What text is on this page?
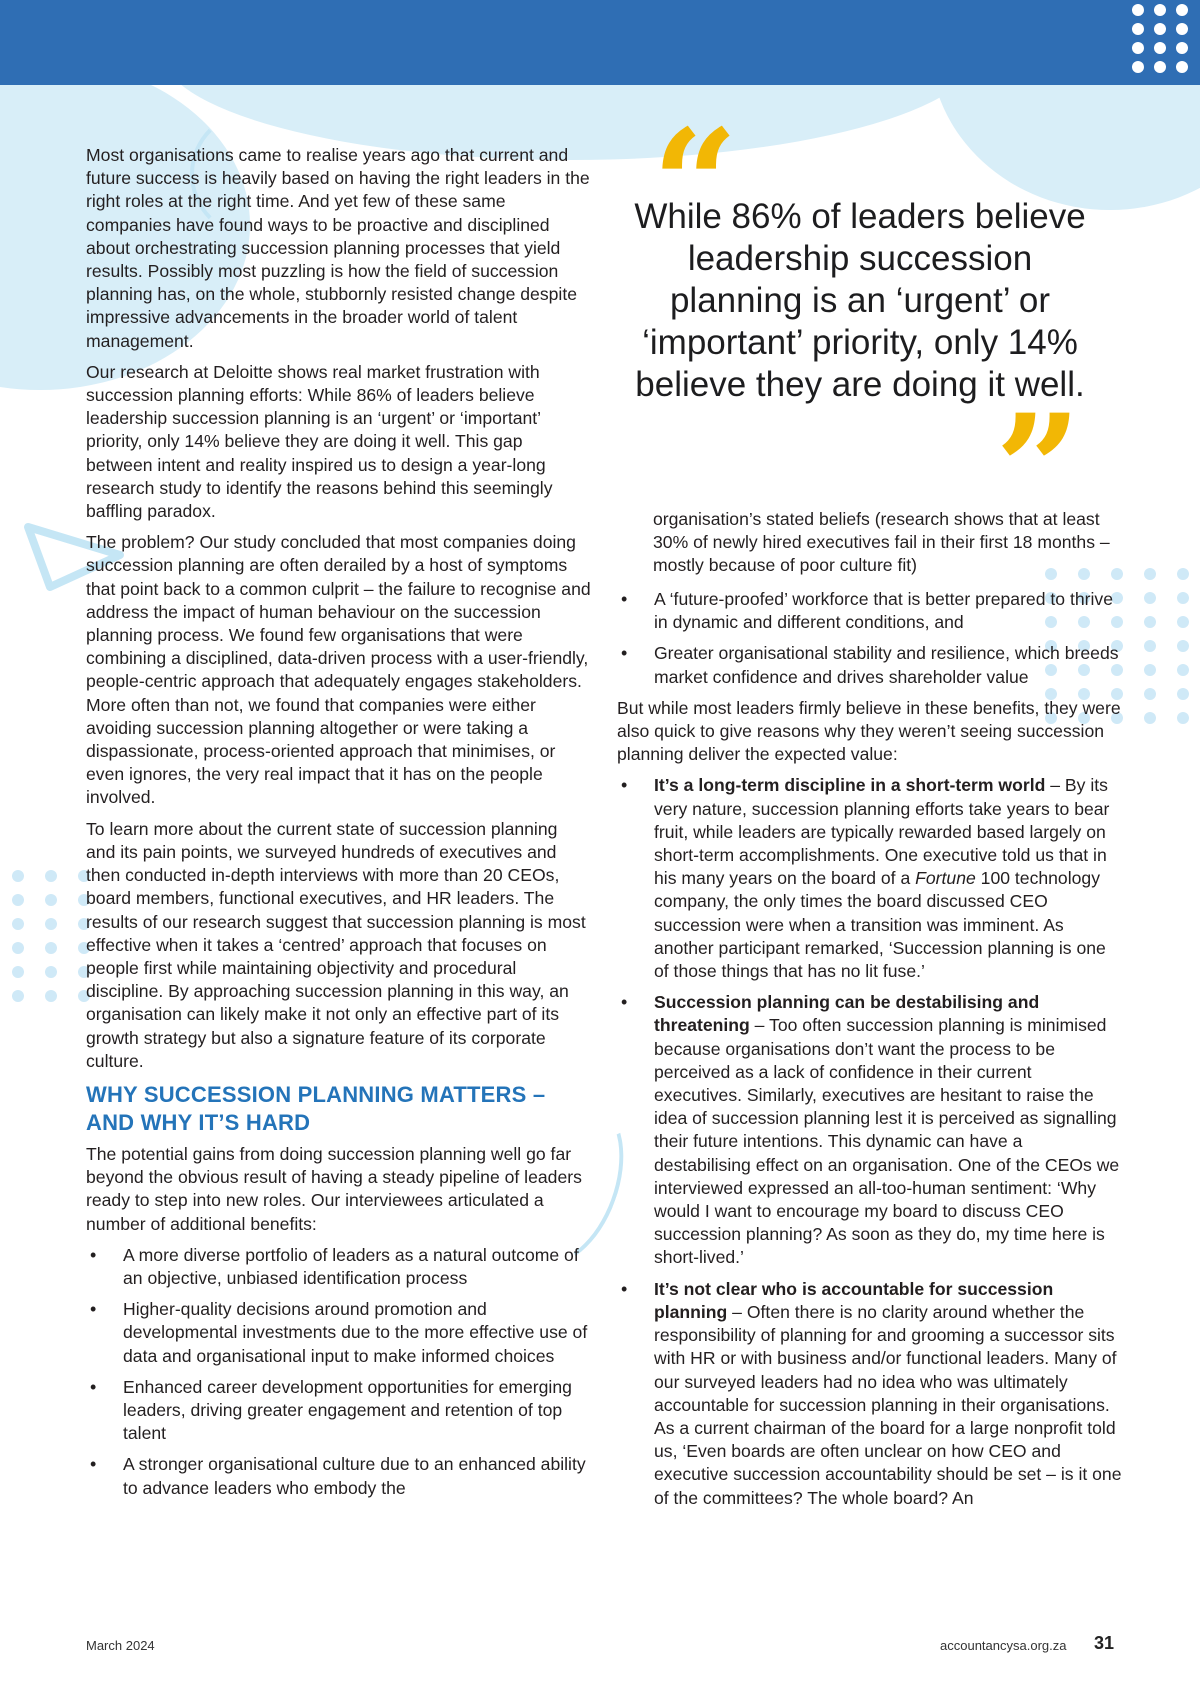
Most organisations came to realise years ago that current and future success is heavily based on having the right leaders in the right roles at the right time. And yet few of these same companies have found ways to be proactive and disciplined about orchestrating succession planning processes that yield results. Possibly most puzzling is how the field of succession planning has, on the whole, stubbornly resisted change despite impressive advancements in the broader world of talent management.

Our research at Deloitte shows real market frustration with succession planning efforts: While 86% of leaders believe leadership succession planning is an ‘urgent’ or ‘important’ priority, only 14% believe they are doing it well. This gap between intent and reality inspired us to design a year-long research study to identify the reasons behind this seemingly baffling paradox.

The problem? Our study concluded that most companies doing succession planning are often derailed by a host of symptoms that point back to a common culprit – the failure to recognise and address the impact of human behaviour on the succession planning process. We found few organisations that were combining a disciplined, data-driven process with a user-friendly, people-centric approach that adequately engages stakeholders. More often than not, we found that companies were either avoiding succession planning altogether or were taking a dispassionate, process-oriented approach that minimises, or even ignores, the very real impact that it has on the people involved.

To learn more about the current state of succession planning and its pain points, we surveyed hundreds of executives and then conducted in-depth interviews with more than 20 CEOs, board members, functional executives, and HR leaders. The results of our research suggest that succession planning is most effective when it takes a ‘centred’ approach that focuses on people first while maintaining objectivity and procedural discipline. By approaching succession planning in this way, an organisation can likely make it not only an effective part of its growth strategy but also a signature feature of its corporate culture.

WHY SUCCESSION PLANNING MATTERS – AND WHY IT’S HARD

The potential gains from doing succession planning well go far beyond the obvious result of having a steady pipeline of leaders ready to step into new roles. Our interviewees articulated a number of additional benefits:

• A more diverse portfolio of leaders as a natural outcome of an objective, unbiased identification process
• Higher-quality decisions around promotion and developmental investments due to the more effective use of data and organisational input to make informed choices
• Enhanced career development opportunities for emerging leaders, driving greater engagement and retention of top talent
• A stronger organisational culture due to an enhanced ability to advance leaders who embody the
“
While 86% of leaders believe leadership succession planning is an ‘urgent’ or ‘important’ priority, only 14% believe they are doing it well.
”

organisation’s stated beliefs (research shows that at least 30% of newly hired executives fail in their first 18 months – mostly because of poor culture fit)

• A ‘future-proofed’ workforce that is better prepared to thrive in dynamic and different conditions, and
• Greater organisational stability and resilience, which breeds market confidence and drives shareholder value

But while most leaders firmly believe in these benefits, they were also quick to give reasons why they weren’t seeing succession planning deliver the expected value:

• It’s a long-term discipline in a short-term world – By its very nature, succession planning efforts take years to bear fruit, while leaders are typically rewarded based largely on short-term accomplishments. One executive told us that in his many years on the board of a Fortune 100 technology company, the only times the board discussed CEO succession were when a transition was imminent. As another participant remarked, ‘Succession planning is one of those things that has no lit fuse.’
• Succession planning can be destabilising and threatening – Too often succession planning is minimised because organisations don’t want the process to be perceived as a lack of confidence in their current executives. Similarly, executives are hesitant to raise the idea of succession planning lest it is perceived as signalling their future intentions. This dynamic can have a destabilising effect on an organisation. One of the CEOs we interviewed expressed an all-too-human sentiment: ‘Why would I want to encourage my board to discuss CEO succession planning? As soon as they do, my time here is short-lived.’
• It’s not clear who is accountable for succession planning – Often there is no clarity around whether the responsibility of planning for and grooming a successor sits with HR or with business and/or functional leaders. Many of our surveyed leaders had no idea who was ultimately accountable for succession planning in their organisations. As a current chairman of the board for a large nonprofit told us, ‘Even boards are often unclear on how CEO and executive succession accountability should be set – is it one of the committees? The whole board? An
March 2024	accountancysa.org.za 31
